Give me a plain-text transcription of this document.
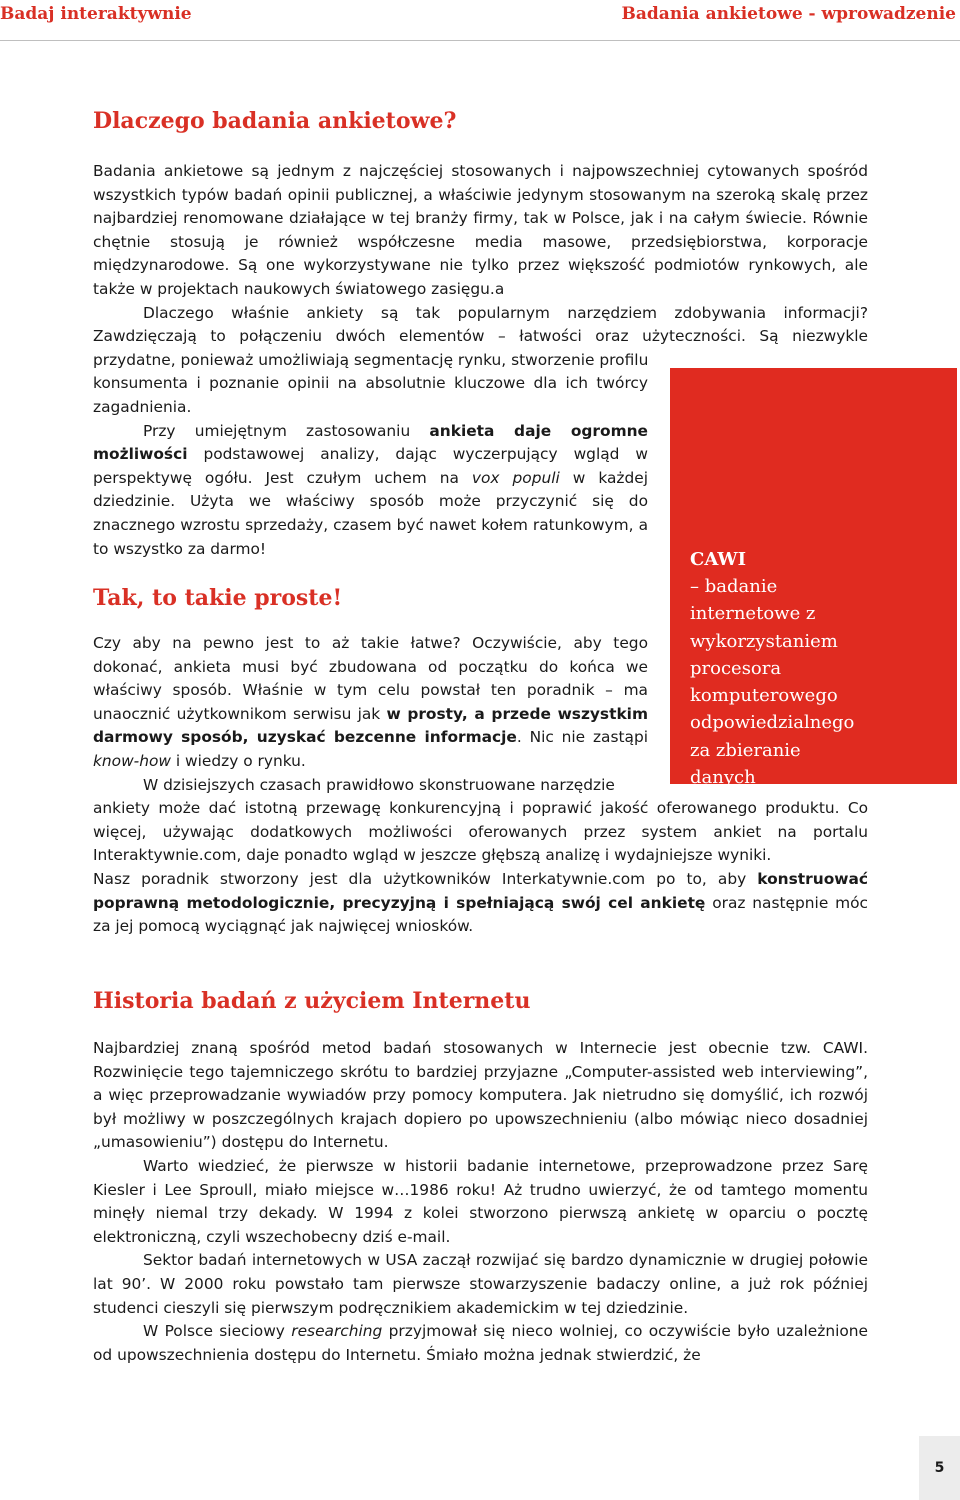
Badaj interaktywnie	Badania ankietowe - wprowadzenie
Dlaczego badania ankietowe?

Badania ankietowe są jednym z najczęściej stosowanych i najpowszechniej cytowanych spośród wszystkich typów badań opinii publicznej, a właściwie jedynym stosowanym na szeroką skalę przez najbardziej renomowane działające w tej branży firmy, tak w Polsce, jak i na całym świecie. Równie chętnie stosują je również współczesne media masowe, przedsiębiorstwa, korporacje międzynarodowe. Są one wykorzystywane nie tylko przez większość podmiotów rynkowych, ale także w projektach naukowych światowego zasięgu.a

Dlaczego właśnie ankiety są tak popularnym narzędziem zdobywania informacji? Zawdzięczają to połączeniu dwóch elementów – łatwości oraz użyteczności. Są niezwykle przydatne, ponieważ umożliwiają segmentację rynku, stworzenie profilu

konsumenta i poznanie opinii na absolutnie kluczowe dla ich twórcy zagadnienia.

Przy umiejętnym zastosowaniu ankieta daje ogromne możliwości podstawowej analizy, dając wyczerpujący wgląd w perspektywę ogółu. Jest czułym uchem na vox populi w każdej dziedzinie. Użyta we właściwy sposób może przyczynić się do znacznego wzrostu sprzedaży, czasem być nawet kołem ratunkowym, a to wszystko za darmo!

CAWI
– badanie internetowe z wykorzystaniem procesora komputerowego odpowiedzialnego za zbieranie danych
Tak, to takie proste!

Czy aby na pewno jest to aż takie łatwe? Oczywiście, aby tego dokonać, ankieta musi być zbudowana od początku do końca we właściwy sposób. Właśnie w tym celu powstał ten poradnik – ma unaocznić użytkownikom serwisu jak w prosty, a przede wszystkim darmowy sposób, uzyskać bezcenne informacje. Nic nie zastąpi know-how i wiedzy o rynku.

W dzisiejszych czasach prawidłowo skonstruowane narzędzie

ankiety może dać istotną przewagę konkurencyjną i poprawić jakość oferowanego produktu. Co więcej, używając dodatkowych możliwości oferowanych przez system ankiet na portalu Interaktywnie.com, daje ponadto wgląd w jeszcze głębszą analizę i wydajniejsze wyniki.

Nasz poradnik stworzony jest dla użytkowników Interkatywnie.com po to, aby konstruować poprawną metodologicznie, precyzyjną i spełniającą swój cel ankietę oraz następnie móc za jej pomocą wyciągnąć jak najwięcej wniosków.

Historia badań z użyciem Internetu

Najbardziej znaną spośród metod badań stosowanych w Internecie jest obecnie tzw. CAWI. Rozwinięcie tego tajemniczego skrótu to bardziej przyjazne „Computer-assisted web interviewing”, a więc przeprowadzanie wywiadów przy pomocy komputera. Jak nietrudno się domyślić, ich rozwój był możliwy w poszczególnych krajach dopiero po upowszechnieniu (albo mówiąc nieco dosadniej „umasowieniu”) dostępu do Internetu.

Warto wiedzieć, że pierwsze w historii badanie internetowe, przeprowadzone przez Sarę Kiesler i Lee Sproull, miało miejsce w…1986 roku! Aż trudno uwierzyć, że od tamtego momentu minęły niemal trzy dekady. W 1994 z kolei stworzono pierwszą ankietę w oparciu o pocztę elektroniczną, czyli wszechobecny dziś e-mail.

Sektor badań internetowych w USA zaczął rozwijać się bardzo dynamicznie w drugiej połowie lat 90’. W 2000 roku powstało tam pierwsze stowarzyszenie badaczy online, a już rok później studenci cieszyli się pierwszym podręcznikiem akademickim w tej dziedzinie.

W Polsce sieciowy researching przyjmował się nieco wolniej, co oczywiście było uzależnione od upowszechnienia dostępu do Internetu. Śmiało można jednak stwierdzić, że

5
